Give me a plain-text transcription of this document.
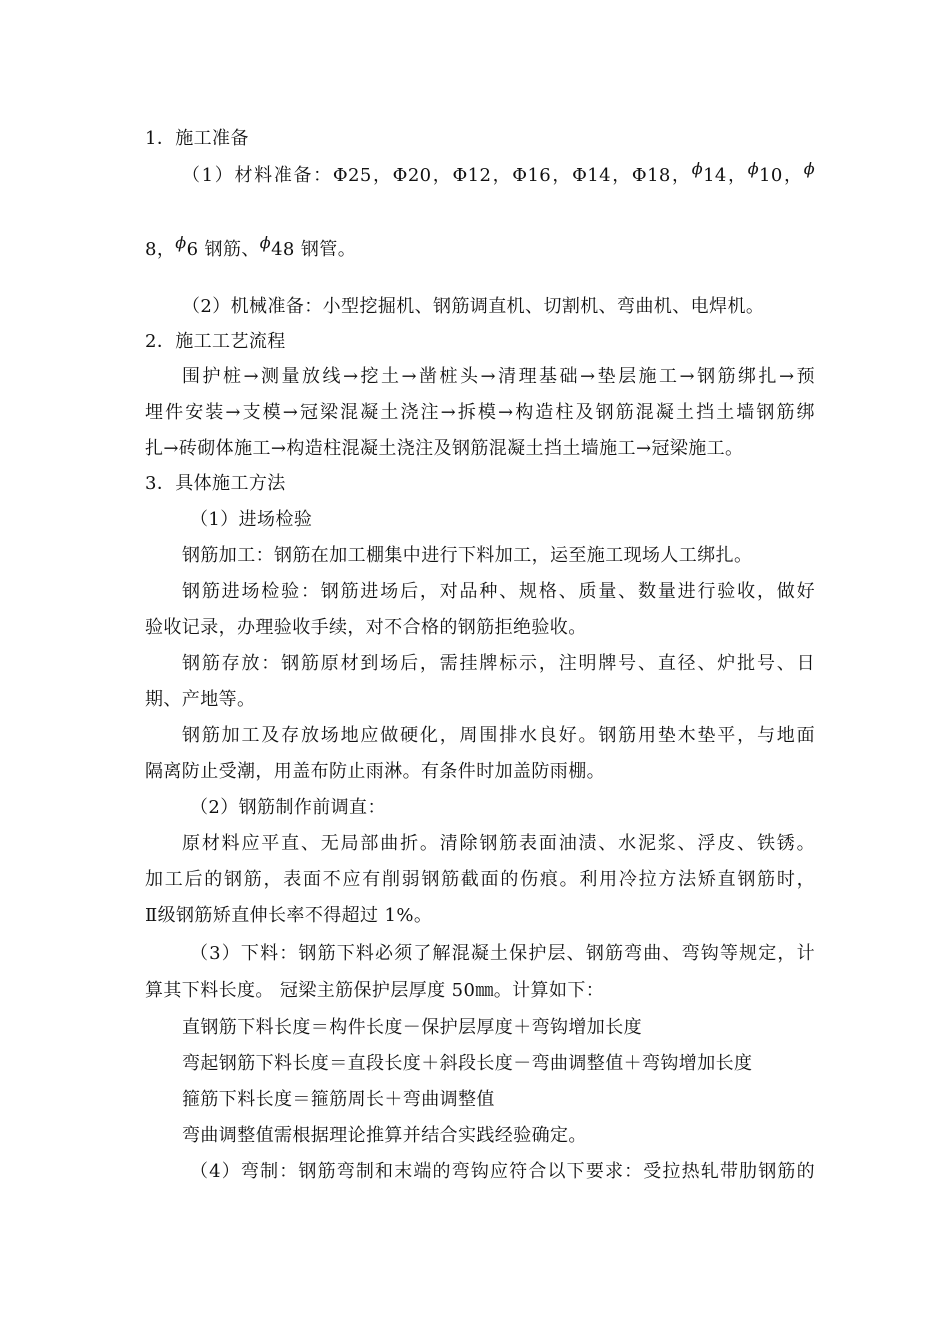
1．施工准备
（1）材料准备：Φ25，Φ20，Φ12，Φ16，Φ14，Φ18，ϕ14，ϕ10，ϕ
8，ϕ6 钢筋、ϕ48 钢管。
（2）机械准备：小型挖掘机、钢筋调直机、切割机、弯曲机、电焊机。
2．施工工艺流程
围护桩→测量放线→挖土→凿桩头→清理基础→垫层施工→钢筋绑扎→预
埋件安装→支模→冠梁混凝土浇注→拆模→构造柱及钢筋混凝土挡土墙钢筋绑
扎→砖砌体施工→构造柱混凝土浇注及钢筋混凝土挡土墙施工→冠梁施工。
3．具体施工方法
（1）进场检验
钢筋加工：钢筋在加工棚集中进行下料加工，运至施工现场人工绑扎。
钢筋进场检验：钢筋进场后，对品种、规格、质量、数量进行验收，做好
验收记录，办理验收手续，对不合格的钢筋拒绝验收。
钢筋存放：钢筋原材到场后，需挂牌标示，注明牌号、直径、炉批号、日
期、产地等。
钢筋加工及存放场地应做硬化，周围排水良好。钢筋用垫木垫平，与地面
隔离防止受潮，用盖布防止雨淋。有条件时加盖防雨棚。
（2）钢筋制作前调直：
原材料应平直、无局部曲折。清除钢筋表面油渍、水泥浆、浮皮、铁锈。
加工后的钢筋，表面不应有削弱钢筋截面的伤痕。利用冷拉方法矫直钢筋时，
Ⅱ级钢筋矫直伸长率不得超过 1%。
（3）下料：钢筋下料必须了解混凝土保护层、钢筋弯曲、弯钩等规定，计
算其下料长度。 冠梁主筋保护层厚度 50㎜。计算如下：
直钢筋下料长度＝构件长度－保护层厚度＋弯钩增加长度
弯起钢筋下料长度＝直段长度＋斜段长度－弯曲调整值＋弯钩增加长度
箍筋下料长度＝箍筋周长＋弯曲调整值
弯曲调整值需根据理论推算并结合实践经验确定。
（4）弯制：钢筋弯制和末端的弯钩应符合以下要求：受拉热轧带肋钢筋的
